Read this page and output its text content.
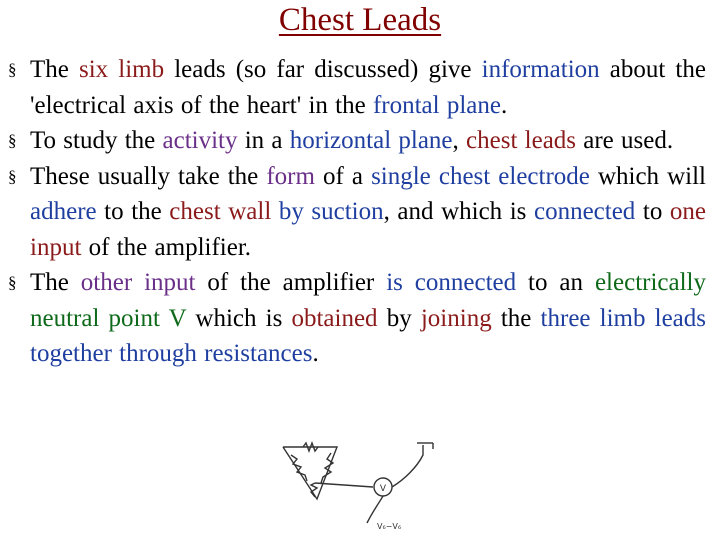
Chest Leads
§ The six limb leads (so far discussed) give information about the 'electrical axis of the heart' in the frontal plane.
§ To study the activity in a horizontal plane, chest leads are used.
§ These usually take the form of a single chest electrode which will adhere to the chest wall by suction, and which is connected to one input of the amplifier.
§ The other input of the amplifier is connected to an electrically neutral point V which is obtained by joining the three limb leads together through resistances.
V
V₆−V₆
